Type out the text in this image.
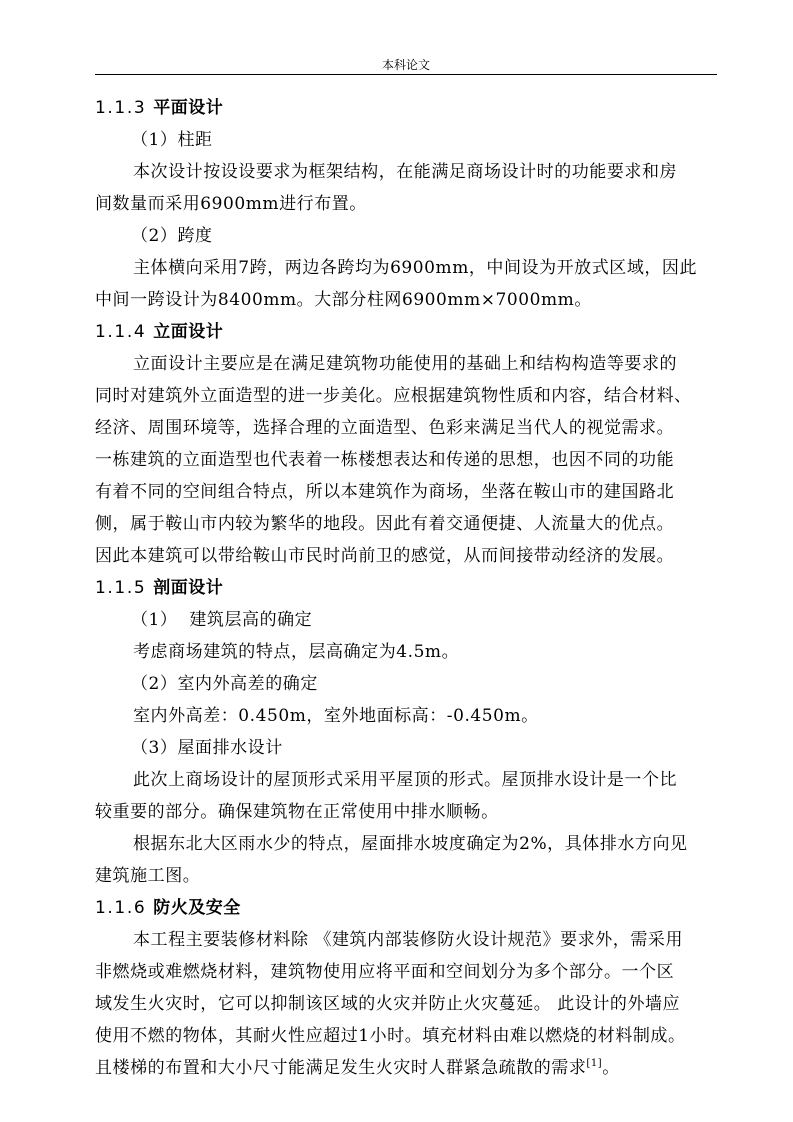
本科论文
1.1.3 平面设计
（1）柱距
本次设计按设设要求为框架结构，在能满足商场设计时的功能要求和房
间数量而采用6900mm进行布置。
（2）跨度
主体横向采用7跨，两边各跨均为6900mm，中间设为开放式区域，因此
中间一跨设计为8400mm。大部分柱网6900mm×7000mm。
1.1.4 立面设计
立面设计主要应是在满足建筑物功能使用的基础上和结构构造等要求的
同时对建筑外立面造型的进一步美化。应根据建筑物性质和内容，结合材料、
经济、周围环境等，选择合理的立面造型、色彩来满足当代人的视觉需求。
一栋建筑的立面造型也代表着一栋楼想表达和传递的思想，也因不同的功能
有着不同的空间组合特点，所以本建筑作为商场，坐落在鞍山市的建国路北
侧，属于鞍山市内较为繁华的地段。因此有着交通便捷、人流量大的优点。
因此本建筑可以带给鞍山市民时尚前卫的感觉，从而间接带动经济的发展。
1.1.5 剖面设计
（1）  建筑层高的确定
考虑商场建筑的特点，层高确定为4.5m。
（2）室内外高差的确定
室内外高差：0.450m，室外地面标高：-0.450m。
（3）屋面排水设计
此次上商场设计的屋顶形式采用平屋顶的形式。屋顶排水设计是一个比
较重要的部分。确保建筑物在正常使用中排水顺畅。
根据东北大区雨水少的特点，屋面排水坡度确定为2%，具体排水方向见
建筑施工图。
1.1.6 防火及安全
本工程主要装修材料除 《建筑内部装修防火设计规范》要求外，需采用
非燃烧或难燃烧材料，建筑物使用应将平面和空间划分为多个部分。一个区
域发生火灾时，它可以抑制该区域的火灾并防止火灾蔓延。 此设计的外墙应
使用不燃的物体，其耐火性应超过1小时。填充材料由难以燃烧的材料制成。
且楼梯的布置和大小尺寸能满足发生火灾时人群紧急疏散的需求[1]。
